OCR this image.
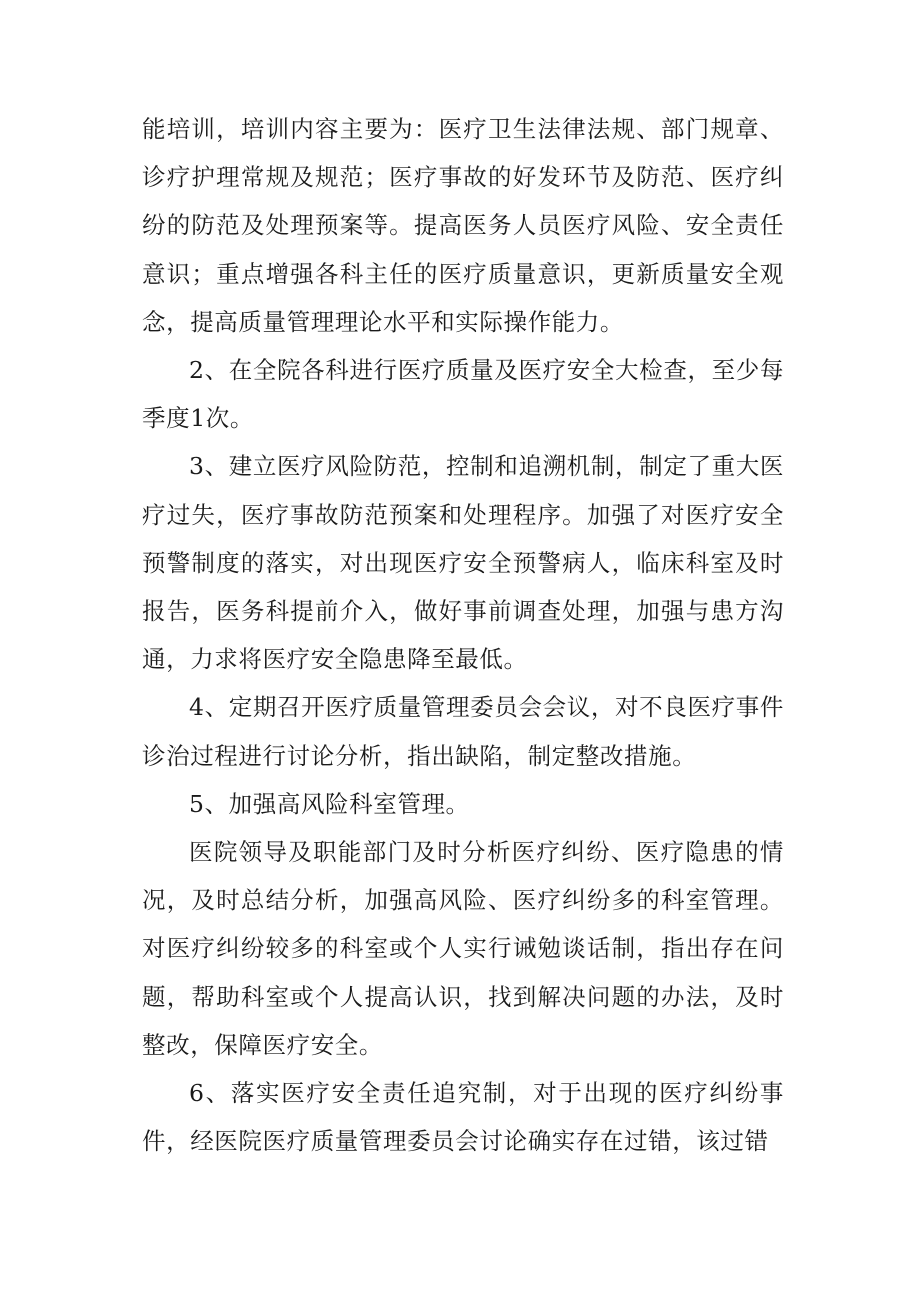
能培训，培训内容主要为：医疗卫生法律法规、部门规章、诊疗护理常规及规范；医疗事故的好发环节及防范、医疗纠纷的防范及处理预案等。提高医务人员医疗风险、安全责任意识；重点增强各科主任的医疗质量意识，更新质量安全观念，提高质量管理理论水平和实际操作能力。

2、在全院各科进行医疗质量及医疗安全大检查，至少每季度1次。

3、建立医疗风险防范，控制和追溯机制，制定了重大医疗过失，医疗事故防范预案和处理程序。加强了对医疗安全预警制度的落实，对出现医疗安全预警病人，临床科室及时报告，医务科提前介入，做好事前调查处理，加强与患方沟通，力求将医疗安全隐患降至最低。

4、定期召开医疗质量管理委员会会议，对不良医疗事件诊治过程进行讨论分析，指出缺陷，制定整改措施。

5、加强高风险科室管理。

医院领导及职能部门及时分析医疗纠纷、医疗隐患的情况，及时总结分析，加强高风险、医疗纠纷多的科室管理。对医疗纠纷较多的科室或个人实行诫勉谈话制，指出存在问题，帮助科室或个人提高认识，找到解决问题的办法，及时整改，保障医疗安全。

6、落实医疗安全责任追究制，对于出现的医疗纠纷事件，经医院医疗质量管理委员会讨论确实存在过错，该过错
